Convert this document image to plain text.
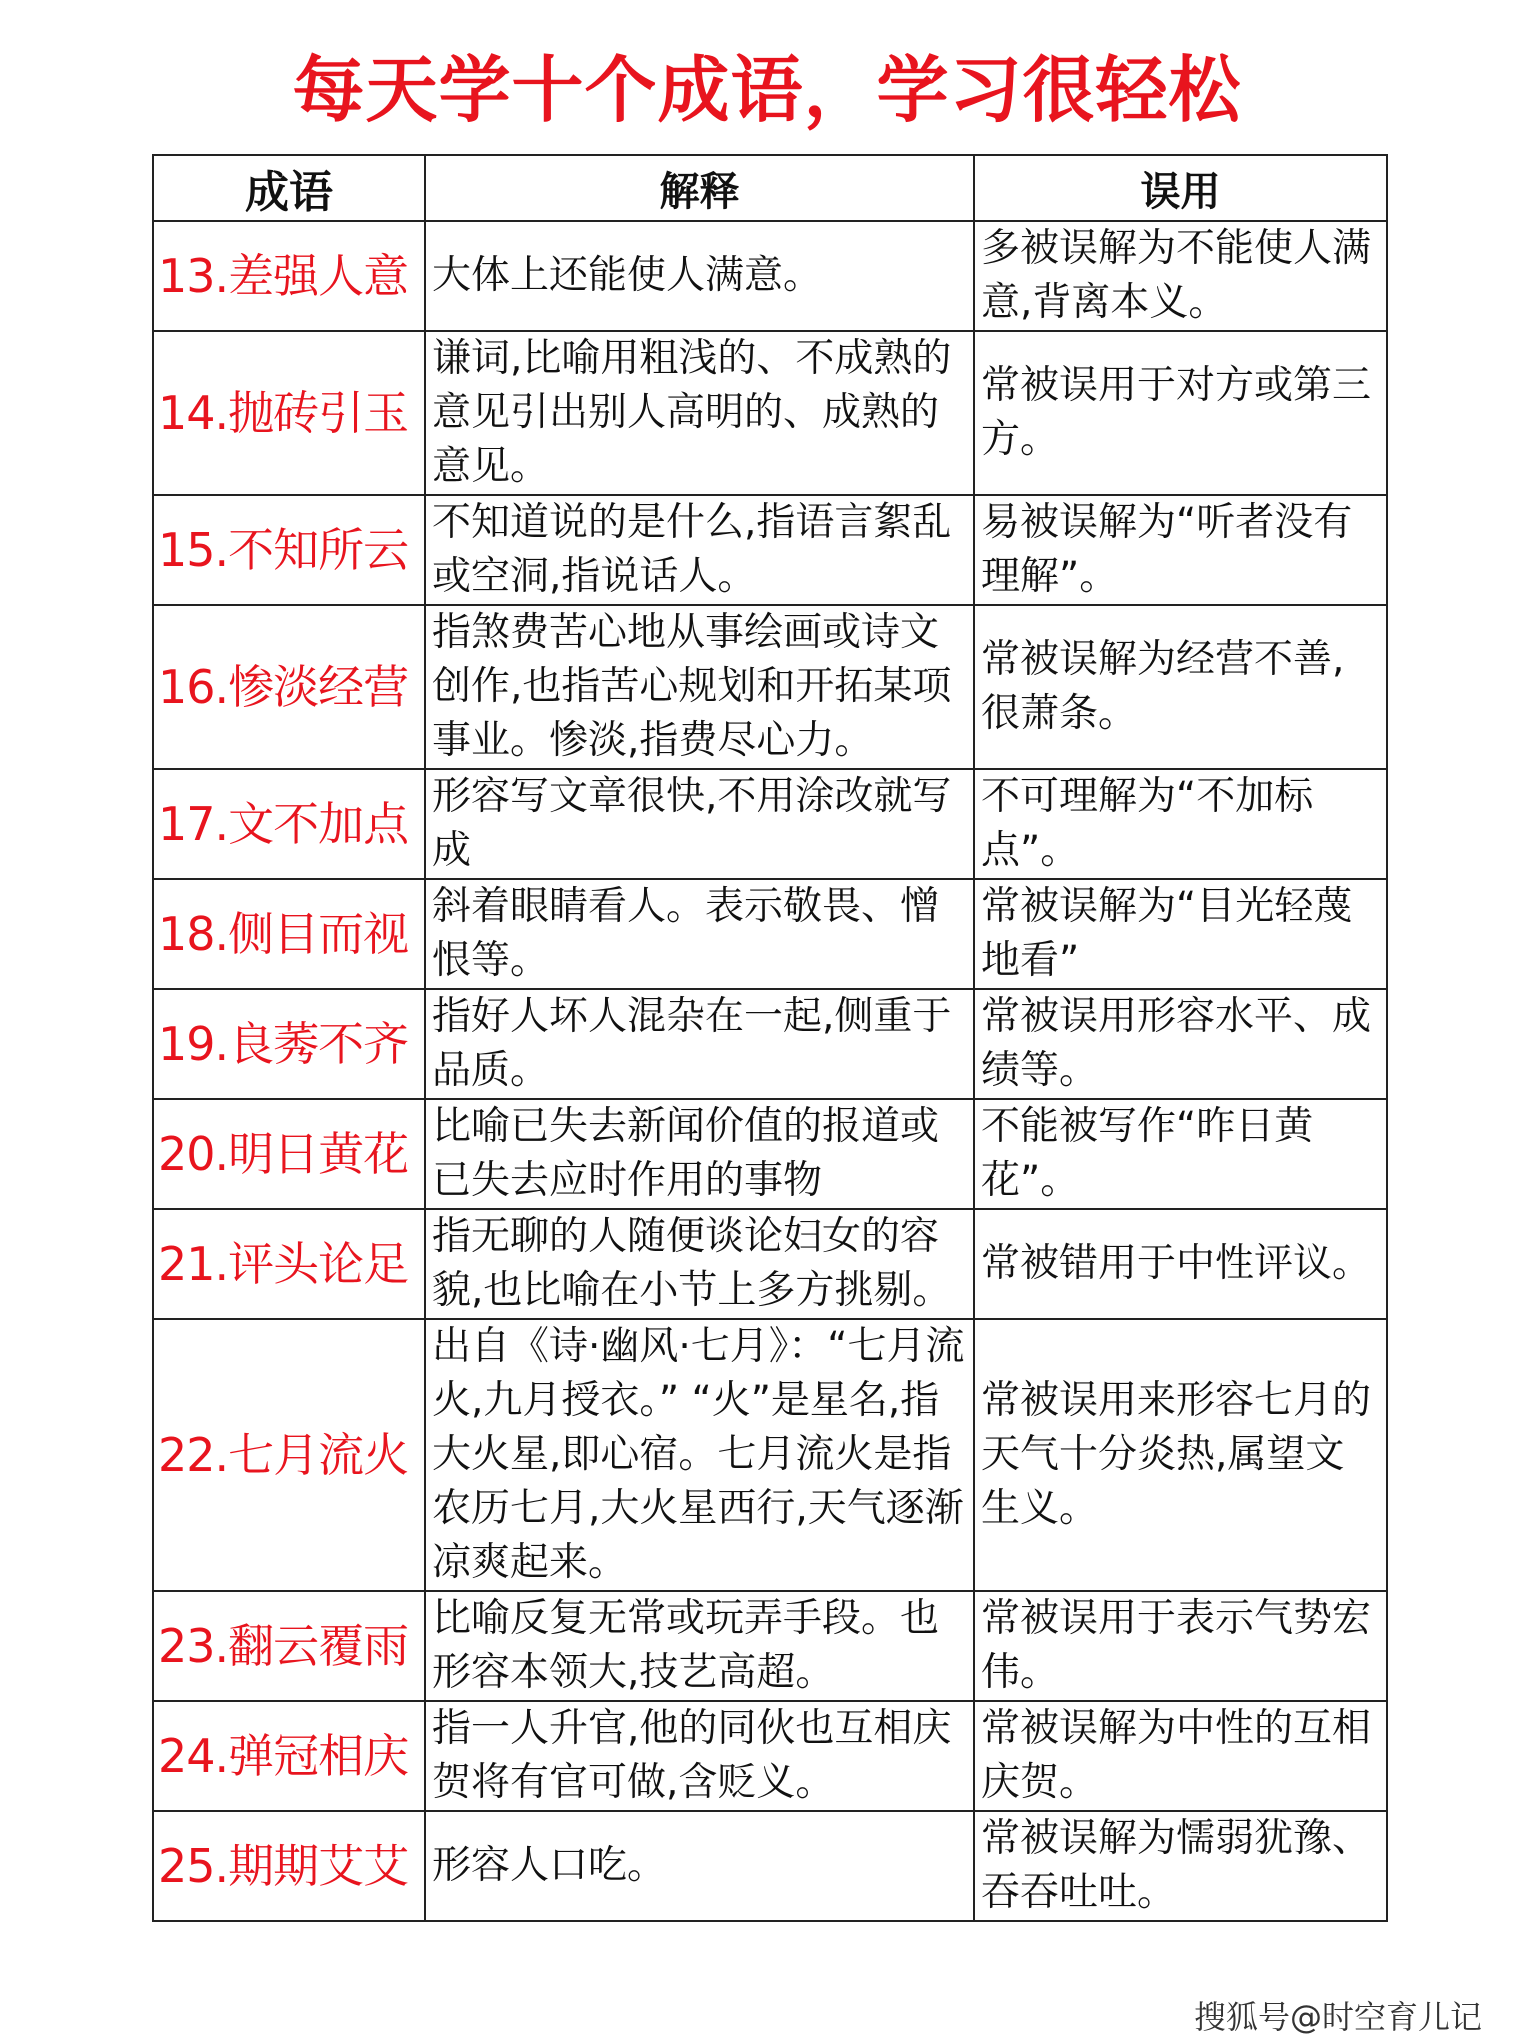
每天学十个成语，学习很轻松
成语	解释	误用
13.差强人意	大体上还能使人满意。	多被误解为不能使人满意,背离本义。
14.抛砖引玉	谦词,比喻用粗浅的、不成熟的意见引出别人高明的、成熟的意见。	常被误用于对方或第三方。
15.不知所云	不知道说的是什么,指语言絮乱或空洞,指说话人。	易被误解为“听者没有理解”。
16.惨淡经营	指煞费苦心地从事绘画或诗文创作,也指苦心规划和开拓某项事业。惨淡,指费尽心力。	常被误解为经营不善,很萧条。
17.文不加点	形容写文章很快,不用涂改就写成	不可理解为“不加标点”。
18.侧目而视	斜着眼睛看人。表示敬畏、憎恨等。	常被误解为“目光轻蔑地看”
19.良莠不齐	指好人坏人混杂在一起,侧重于品质。	常被误用形容水平、成绩等。
20.明日黄花	比喻已失去新闻价值的报道或已失去应时作用的事物	不能被写作“昨日黄花”。
21.评头论足	指无聊的人随便谈论妇女的容貌,也比喻在小节上多方挑剔。	常被错用于中性评议。
22.七月流火	出自《诗·幽风·七月》：“七月流火,九月授衣。” “火”是星名,指大火星,即心宿。七月流火是指农历七月,大火星西行,天气逐渐凉爽起来。	常被误用来形容七月的天气十分炎热,属望文生义。
23.翻云覆雨	比喻反复无常或玩弄手段。也形容本领大,技艺高超。	常被误用于表示气势宏伟。
24.弹冠相庆	指一人升官,他的同伙也互相庆贺将有官可做,含贬义。	常被误解为中性的互相庆贺。
25.期期艾艾	形容人口吃。	常被误解为懦弱犹豫、吞吞吐吐。

搜狐号@时空育儿记
